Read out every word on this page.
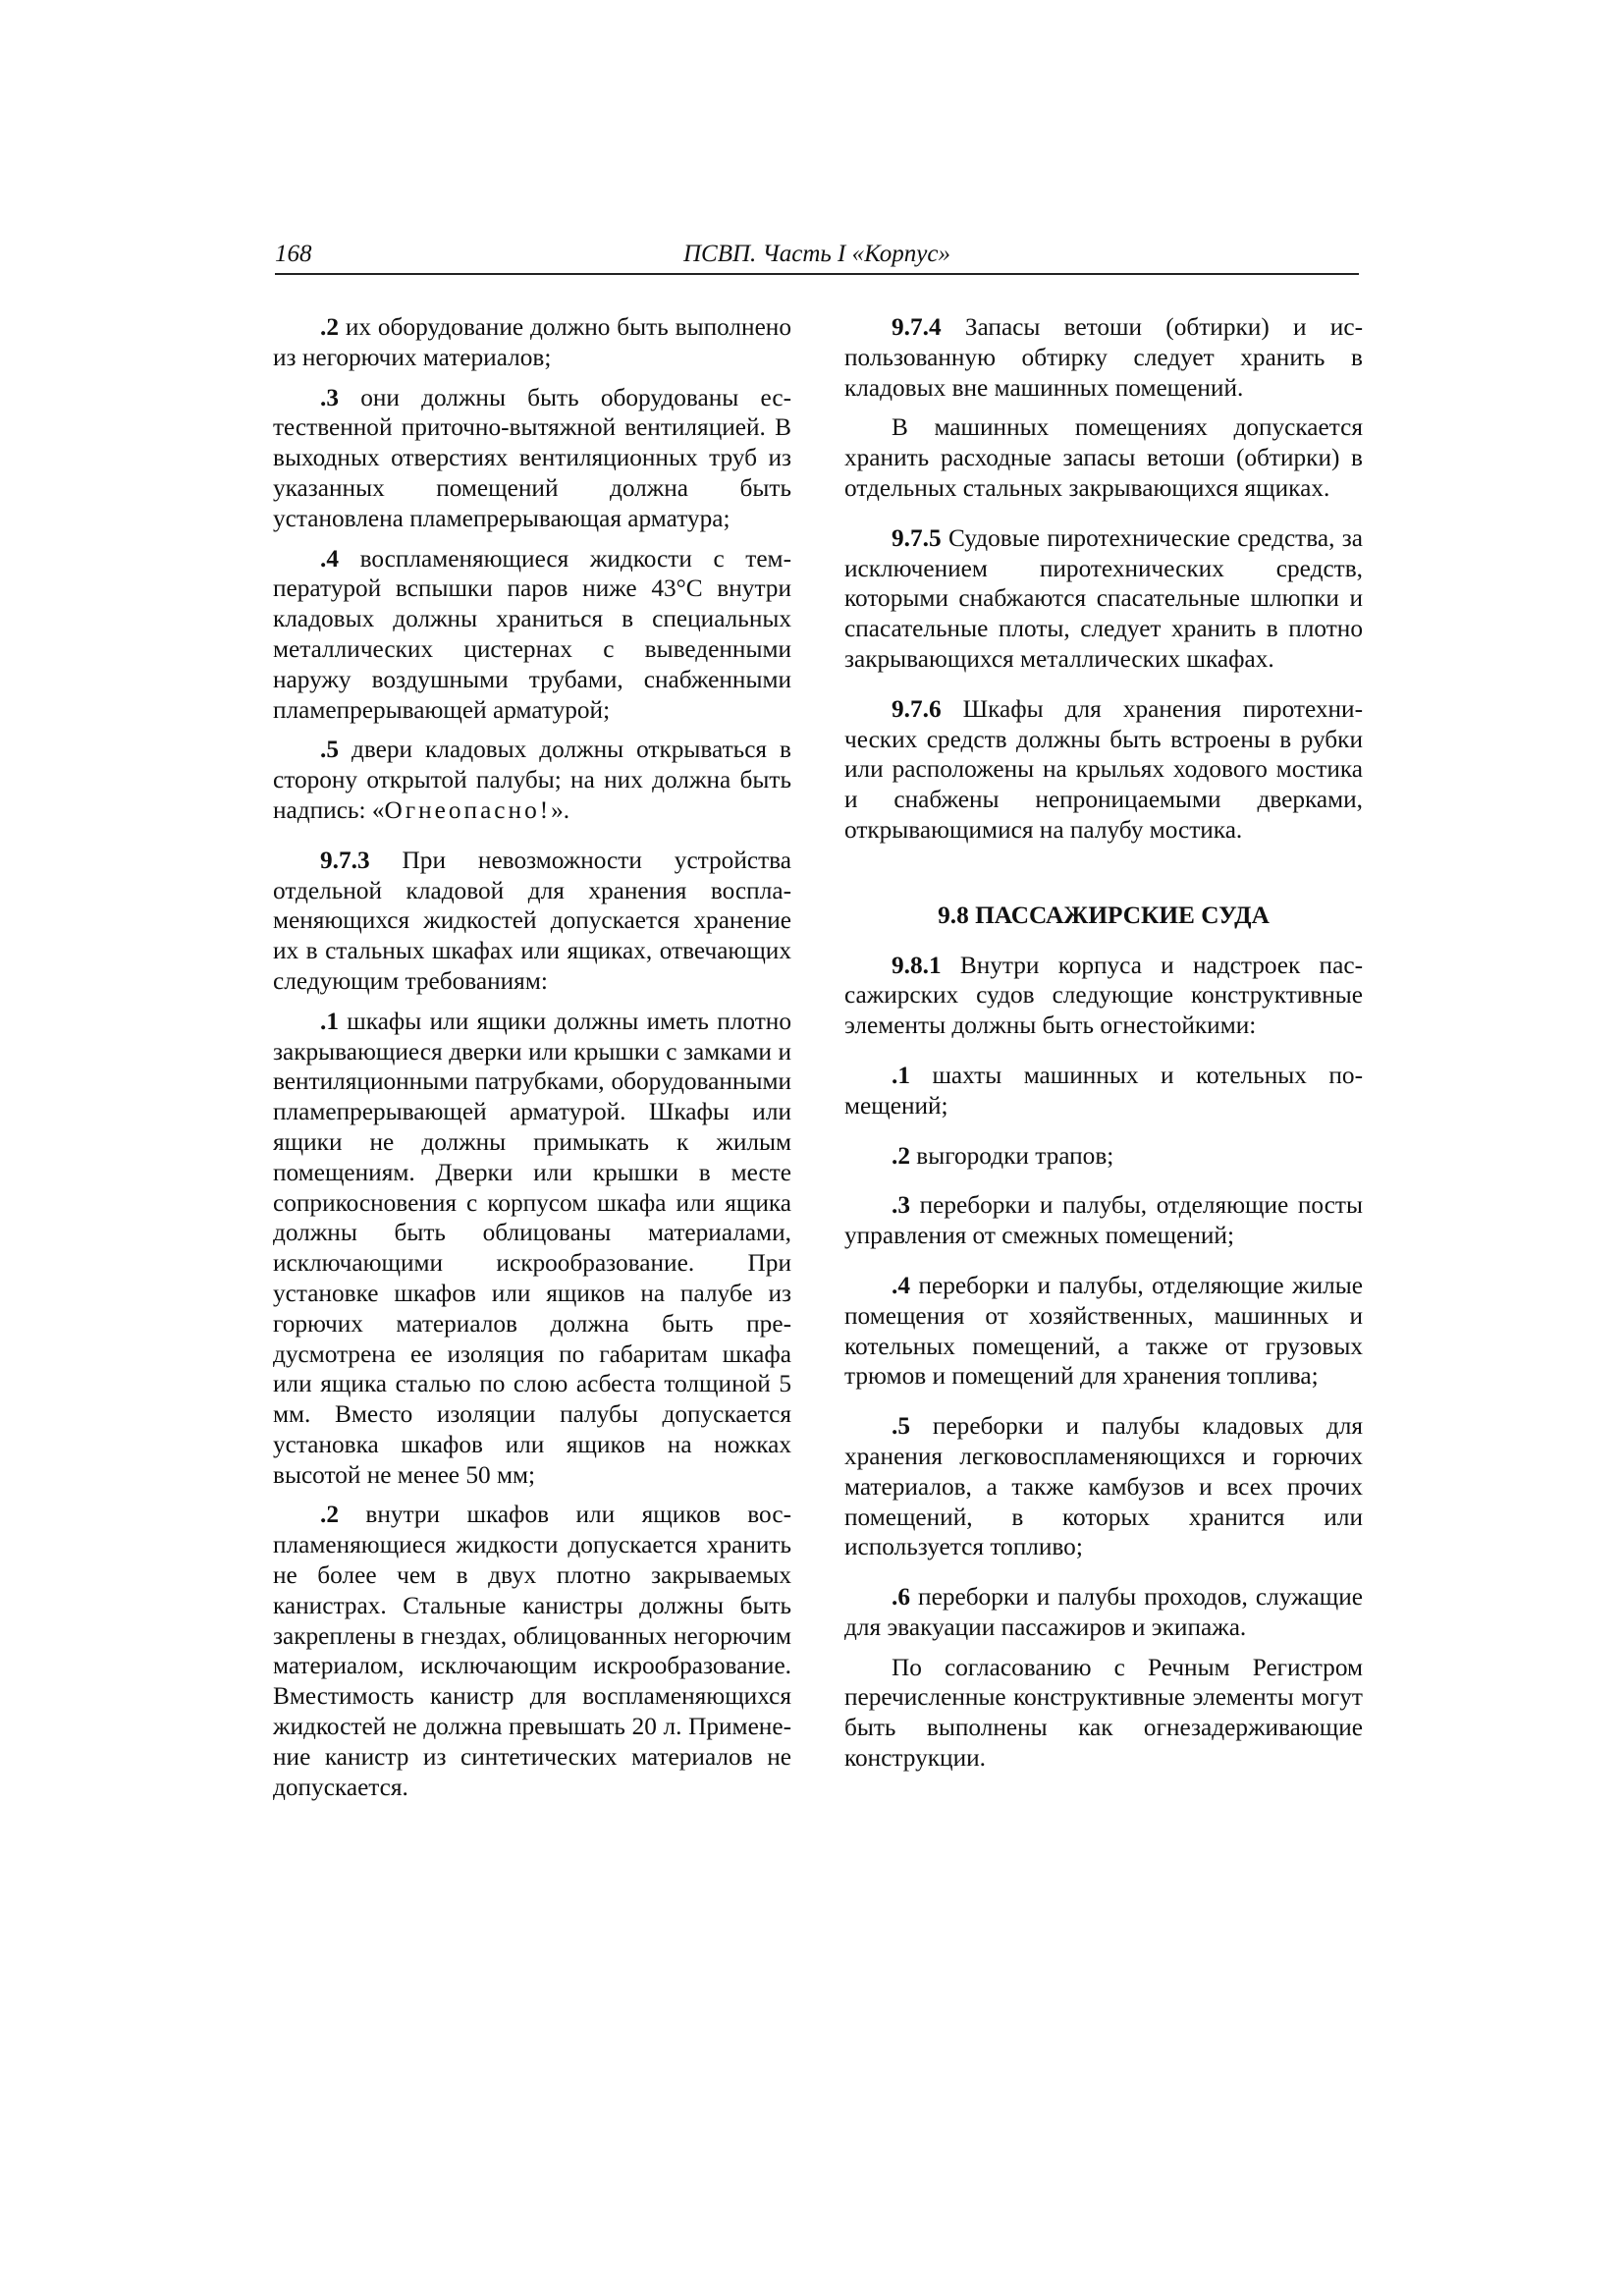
168	ПСВП. Часть I «Корпус»

.2 их оборудование должно быть выполнено из негорючих материалов;

.3 они должны быть оборудованы естественной приточно-вытяжной вентиляцией. В выходных отверстиях вентиляционных труб из указанных помещений должна быть установлена пламепрерывающая арматура;

.4 воспламеняющиеся жидкости с температурой вспышки паров ниже 43°С внутри кладовых должны храниться в специальных металлических цистернах с выведенными наружу воздушными трубами, снабженными пламепрерывающей арматурой;

.5 двери кладовых должны открываться в сторону открытой палубы; на них должна быть надпись: «Огнеопасно!».

9.7.3 При невозможности устройства отдельной кладовой для хранения воспламеняющихся жидкостей допускается хранение их в стальных шкафах или ящиках, отвечающих следующим требованиям:

.1 шкафы или ящики должны иметь плотно закрывающиеся дверки или крышки с замками и вентиляционными патрубками, оборудованными пламепрерывающей арматурой. Шкафы или ящики не должны примыкать к жилым помещениям. Дверки или крышки в месте соприкосновения с корпусом шкафа или ящика должны быть облицованы материалами, исключающими искрообразование. При установке шкафов или ящиков на палубе из горючих материалов должна быть предусмотрена ее изоляция по габаритам шкафа или ящика сталью по слою асбеста толщиной 5 мм. Вместо изоляции палубы допускается установка шкафов или ящиков на ножках высотой не менее 50 мм;

.2 внутри шкафов или ящиков воспламеняющиеся жидкости допускается хранить не более чем в двух плотно закрываемых канистрах. Стальные канистры должны быть закреплены в гнездах, облицованных негорючим материалом, исключающим искрообразование. Вместимость канистр для воспламеняющихся жидкостей не должна превышать 20 л. Применение канистр из синтетических материалов не допускается.

9.7.4 Запасы ветоши (обтирки) и использованную обтирку следует хранить в кладовых вне машинных помещений.

В машинных помещениях допускается хранить расходные запасы ветоши (обтирки) в отдельных стальных закрывающихся ящиках.

9.7.5 Судовые пиротехнические средства, за исключением пиротехнических средств, которыми снабжаются спасательные шлюпки и спасательные плоты, следует хранить в плотно закрывающихся металлических шкафах.

9.7.6 Шкафы для хранения пиротехнических средств должны быть встроены в рубки или расположены на крыльях ходового мостика и снабжены непроницаемыми дверками, открывающимися на палубу мостика.

9.8 ПАССАЖИРСКИЕ СУДА

9.8.1 Внутри корпуса и надстроек пассажирских судов следующие конструктивные элементы должны быть огнестойкими:

.1 шахты машинных и котельных помещений;

.2 выгородки трапов;

.3 переборки и палубы, отделяющие посты управления от смежных помещений;

.4 переборки и палубы, отделяющие жилые помещения от хозяйственных, машинных и котельных помещений, а также от грузовых трюмов и помещений для хранения топлива;

.5 переборки и палубы кладовых для хранения легковоспламеняющихся и горючих материалов, а также камбузов и всех прочих помещений, в которых хранится или используется топливо;

.6 переборки и палубы проходов, служащие для эвакуации пассажиров и экипажа.

По согласованию с Речным Регистром перечисленные конструктивные элементы могут быть выполнены как огнезадерживающие конструкции.
